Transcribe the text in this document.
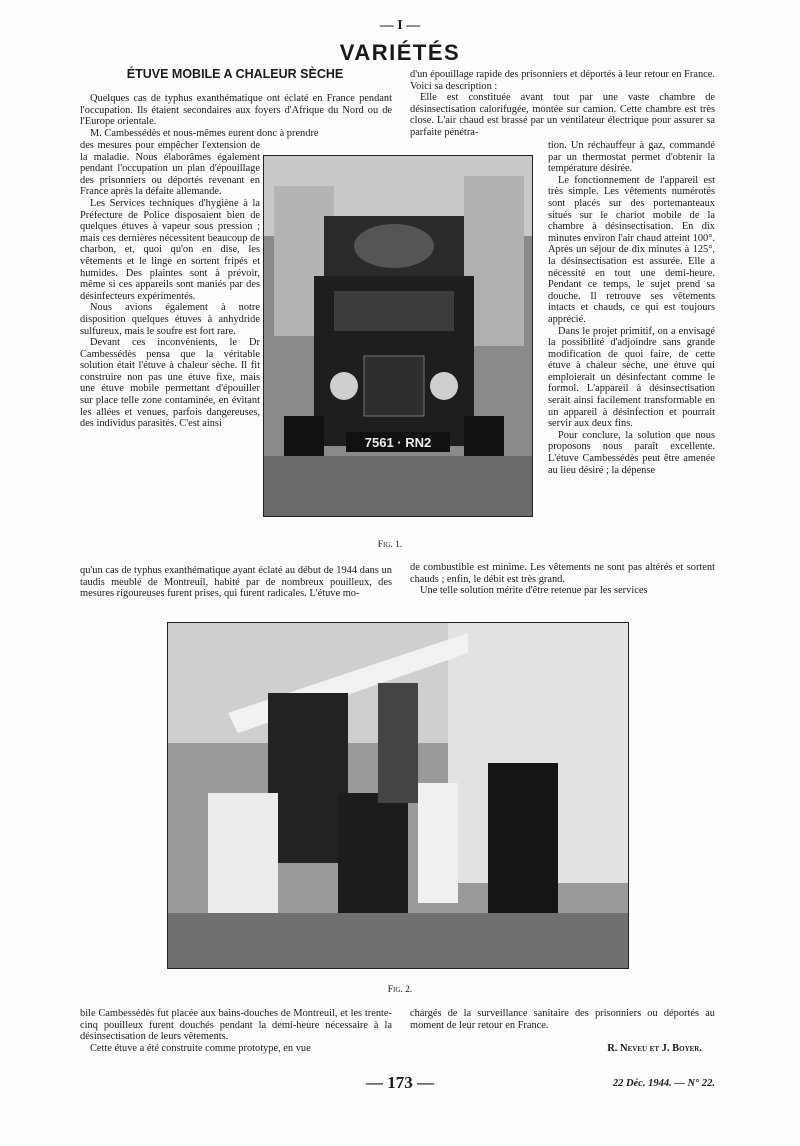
— I —
VARIÉTÉS
ÉTUVE MOBILE A CHALEUR SÈCHE

Quelques cas de typhus exanthématique ont éclaté en France pendant l'occupation. Ils étaient secondaires aux foyers d'Afrique du Nord ou de l'Europe orientale.

M. Cambessédès et nous-mêmes eurent donc à prendre

des mesures pour empêcher l'extension de la maladie. Nous élaborâmes également pendant l'occupation un plan d'épouillage des prisonniers ou déportés revenant en France après la défaite allemande.

Les Services techniques d'hygiène à la Préfecture de Police disposaient bien de quelques étuves à vapeur sous pression ; mais ces dernières nécessitent beaucoup de charbon, et, quoi qu'on en dise, les vêtements et le linge en sortent fripés et humides. Des plaintes sont à prévoir, même si ces appareils sont maniés par des désinfecteurs expérimentés.

Nous avions également à notre disposition quelques étuves à anhydride sulfureux, mais le soufre est fort rare.

Devant ces inconvénients, le Dr Cambessédès pensa que la véritable solution était l'étuve à chaleur sèche. Il fit construire non pas une étuve fixe, mais une étuve mobile permettant d'épouiller sur place telle zone contaminée, en évitant les allées et venues, parfois dangereuses, des individus parasités. C'est ainsi

d'un épouillage rapide des prisonniers et déportés à leur retour en France. Voici sa description :

Elle est constituée avant tout par une vaste chambre de désinsectisation calorifugée, montée sur camion. Cette chambre est très close. L'air chaud est brassé par un ventilateur électrique pour assurer sa parfaite pénétra-

tion. Un réchauffeur à gaz, commandé par un thermostat permet d'obtenir la température désirée.

Le fonctionnement de l'appareil est très simple. Les vêtements numérotés sont placés sur des portemanteaux situés sur le chariot mobile de la chambre à désinsectisation. En dix minutes environ l'air chaud atteint 100°. Après un séjour de dix minutes à 125°, la désinsectisation est assurée. Elle a nécessité en tout une demi-heure. Pendant ce temps, le sujet prend sa douche. Il retrouve ses vêtements intacts et chauds, ce qui est toujours apprécié.

Dans le projet primitif, on a envisagé la possibilité d'adjoindre sans grande modification de quoi faire, de cette étuve à chaleur sèche, une étuve qui emploierait un désinfectant comme le formol. L'appareil à désinsectisation serait ainsi facilement transformable en un appareil à désinfection et pourrait servir aux deux fins.

Pour conclure, la solution que nous proposons nous paraît excellente. L'étuve Cambessédès peut être amenée au lieu désiré ; la dépense

7561 · RN2
Fig. 1.

qu'un cas de typhus exanthématique ayant éclaté au début de 1944 dans un taudis meublé de Montreuil, habité par de nombreux pouilleux, des mesures rigoureuses furent prises, qui furent radicales. L'étuve mo-

de combustible est minime. Les vêtements ne sont pas altérés et sortent chauds ; enfin, le débit est très grand.

Une telle solution mérite d'être retenue par les services

Fig. 2.

bile Cambessédès fut placée aux bains-douches de Montreuil, et les trente-cinq pouilleux furent douchés pendant la demi-heure nécessaire à la désinsectisation de leurs vêtements.

Cette étuve a été construite comme prototype, en vue

chargés de la surveillance sanitaire des prisonniers ou déportés au moment de leur retour en France.

R. Neveu et J. Boyer.
— 173 —	22 Déc. 1944. — N° 22.
